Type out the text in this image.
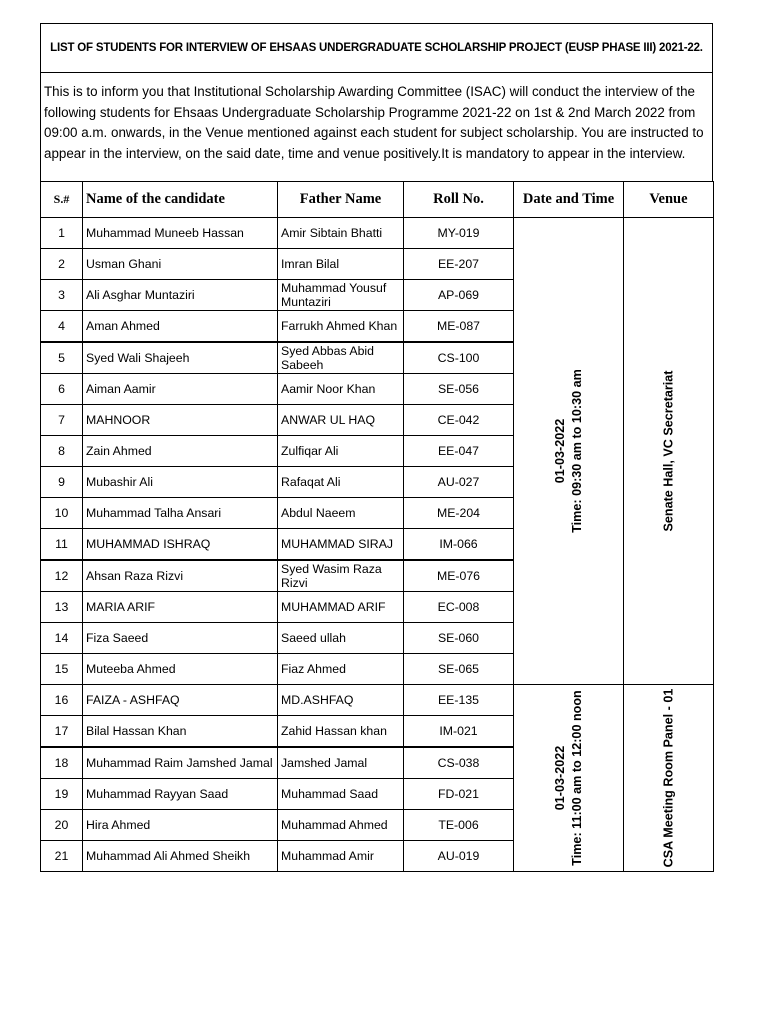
LIST OF STUDENTS FOR INTERVIEW OF EHSAAS UNDERGRADUATE SCHOLARSHIP PROJECT (EUSP PHASE III) 2021-22.
This is to inform you that Institutional Scholarship Awarding Committee (ISAC) will conduct the interview of the following students for Ehsaas Undergraduate Scholarship Programme 2021-22 on 1st & 2nd March 2022 from 09:00 a.m. onwards, in the Venue mentioned against each student for subject scholarship. You are instructed to appear in the interview, on the said date, time and venue positively.It is mandatory to appear in the interview.
S.#	Name of the candidate	Father Name	Roll No.	Date and Time	Venue
1	Muhammad Muneeb Hassan	Amir Sibtain Bhatti	MY-019	01-03-2022 Time: 09:30 am to 10:30 am	Senate Hall, VC Secretariat

2	Usman Ghani	Imran Bilal	EE-207		
3	Ali Asghar Muntaziri	Muhammad Yousuf Muntaziri	AP-069		
4	Aman Ahmed	Farrukh Ahmed Khan	ME-087		
5	Syed Wali Shajeeh	Syed Abbas Abid Sabeeh	CS-100		
6	Aiman Aamir	Aamir Noor Khan	SE-056		
7	MAHNOOR	ANWAR UL HAQ	CE-042		
8	Zain Ahmed	Zulfiqar Ali	EE-047		
9	Mubashir Ali	Rafaqat Ali	AU-027		
10	Muhammad Talha Ansari	Abdul Naeem	ME-204		
11	MUHAMMAD ISHRAQ	MUHAMMAD SIRAJ	IM-066		
12	Ahsan Raza Rizvi	Syed Wasim Raza Rizvi	ME-076		
13	MARIA ARIF	MUHAMMAD ARIF	EC-008		
14	Fiza Saeed	Saeed ullah	SE-060		
15	Muteeba Ahmed	Fiaz Ahmed	SE-065		
16	FAIZA - ASHFAQ	MD.ASHFAQ	EE-135	01-03-2022 Time: 11:00 am to 12:00 noon	CSA Meeting Room Panel - 01

17	Bilal Hassan Khan	Zahid Hassan khan	IM-021		
18	Muhammad Raim Jamshed Jamal	Jamshed Jamal	CS-038		
19	Muhammad Rayyan Saad	Muhammad Saad	FD-021		
20	Hira Ahmed	Muhammad Ahmed	TE-006		
21	Muhammad Ali Ahmed Sheikh	Muhammad Amir	AU-019		
